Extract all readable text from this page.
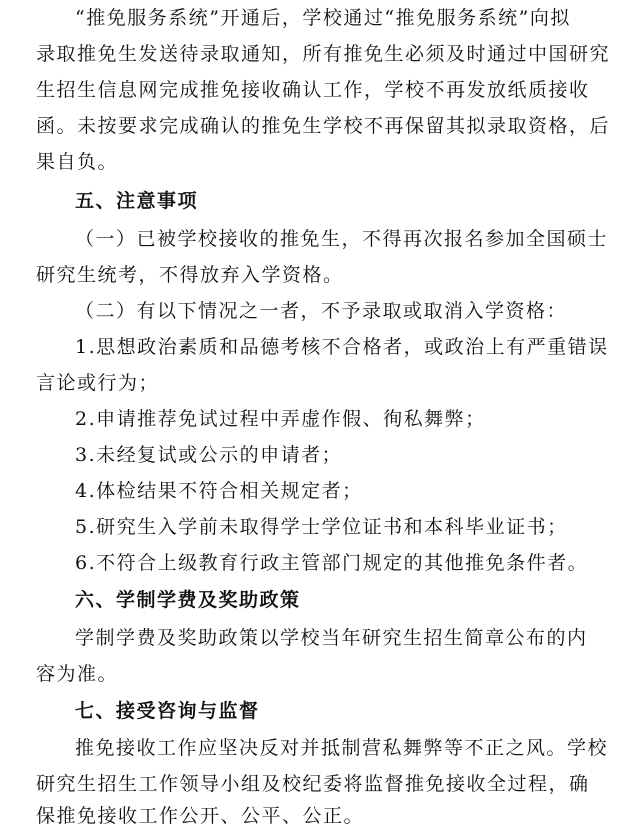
“推免服务系统”开通后，学校通过“推免服务系统”向拟
录取推免生发送待录取通知，所有推免生必须及时通过中国研究
生招生信息网完成推免接收确认工作，学校不再发放纸质接收
函。未按要求完成确认的推免生学校不再保留其拟录取资格，后
果自负。
五、注意事项
（一）已被学校接收的推免生，不得再次报名参加全国硕士
研究生统考，不得放弃入学资格。
（二）有以下情况之一者，不予录取或取消入学资格：
1.思想政治素质和品德考核不合格者，或政治上有严重错误
言论或行为；
2.申请推荐免试过程中弄虚作假、徇私舞弊；
3.未经复试或公示的申请者；
4.体检结果不符合相关规定者；
5.研究生入学前未取得学士学位证书和本科毕业证书；
6.不符合上级教育行政主管部门规定的其他推免条件者。
六、学制学费及奖助政策
学制学费及奖助政策以学校当年研究生招生简章公布的内
容为准。
七、接受咨询与监督
推免接收工作应坚决反对并抵制营私舞弊等不正之风。学校
研究生招生工作领导小组及校纪委将监督推免接收全过程，确
保推免接收工作公开、公平、公正。
